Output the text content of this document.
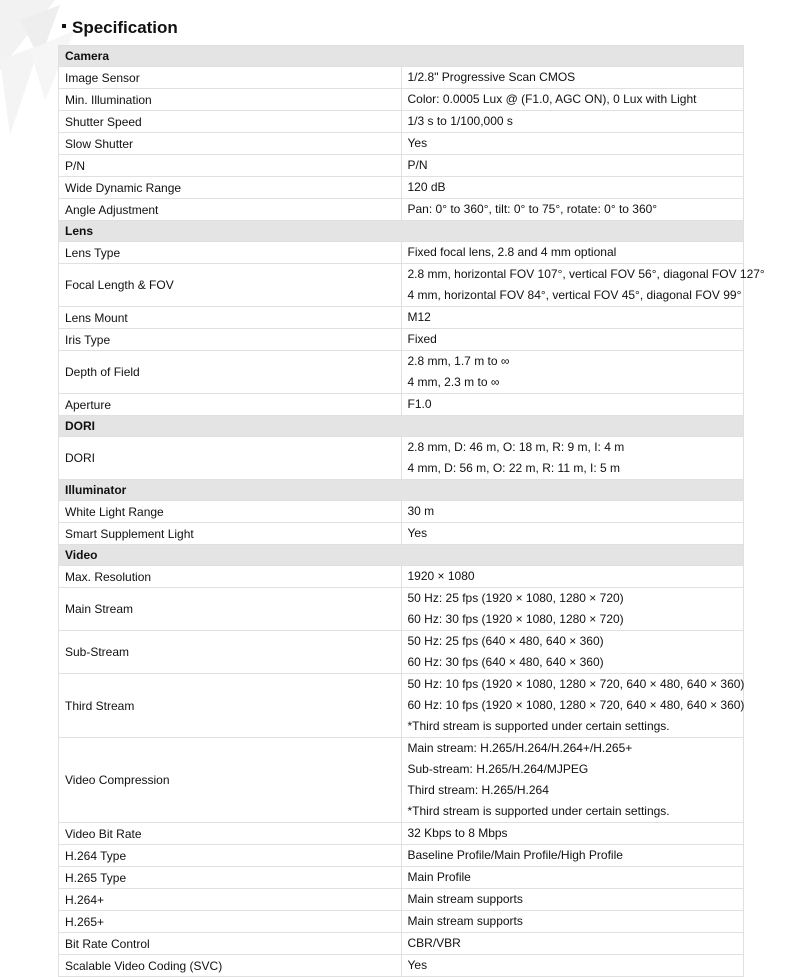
Specification
Camera	
Image Sensor	1/2.8" Progressive Scan CMOS

Min. Illumination	Color: 0.0005 Lux @ (F1.0, AGC ON), 0 Lux with Light

Shutter Speed	1/3 s to 1/100,000 s

Slow Shutter	Yes

P/N	P/N

Wide Dynamic Range	120 dB

Angle Adjustment	Pan: 0° to 360°, tilt: 0° to 75°, rotate: 0° to 360°

Lens	
Lens Type	Fixed focal lens, 2.8 and 4 mm optional

Focal Length & FOV	2.8 mm, horizontal FOV 107°, vertical FOV 56°, diagonal FOV 127°
4 mm, horizontal FOV 84°, vertical FOV 45°, diagonal FOV 99°

Lens Mount	M12

Iris Type	Fixed

Depth of Field	2.8 mm, 1.7 m to ∞
4 mm, 2.3 m to ∞

Aperture	F1.0

DORI	
DORI	2.8 mm, D: 46 m, O: 18 m, R: 9 m, I: 4 m
4 mm, D: 56 m, O: 22 m, R: 11 m, I: 5 m

Illuminator	
White Light Range	30 m

Smart Supplement Light	Yes

Video	
Max. Resolution	1920 × 1080

Main Stream	50 Hz: 25 fps (1920 × 1080, 1280 × 720)
60 Hz: 30 fps (1920 × 1080, 1280 × 720)

Sub-Stream	50 Hz: 25 fps (640 × 480, 640 × 360)
60 Hz: 30 fps (640 × 480, 640 × 360)

Third Stream	50 Hz: 10 fps (1920 × 1080, 1280 × 720, 640 × 480, 640 × 360)
60 Hz: 10 fps (1920 × 1080, 1280 × 720, 640 × 480, 640 × 360)
*Third stream is supported under certain settings.

Video Compression	Main stream: H.265/H.264/H.264+/H.265+
Sub-stream: H.265/H.264/MJPEG
Third stream: H.265/H.264
*Third stream is supported under certain settings.

Video Bit Rate	32 Kbps to 8 Mbps

H.264 Type	Baseline Profile/Main Profile/High Profile

H.265 Type	Main Profile

H.264+	Main stream supports

H.265+	Main stream supports

Bit Rate Control	CBR/VBR

Scalable Video Coding (SVC)	Yes
